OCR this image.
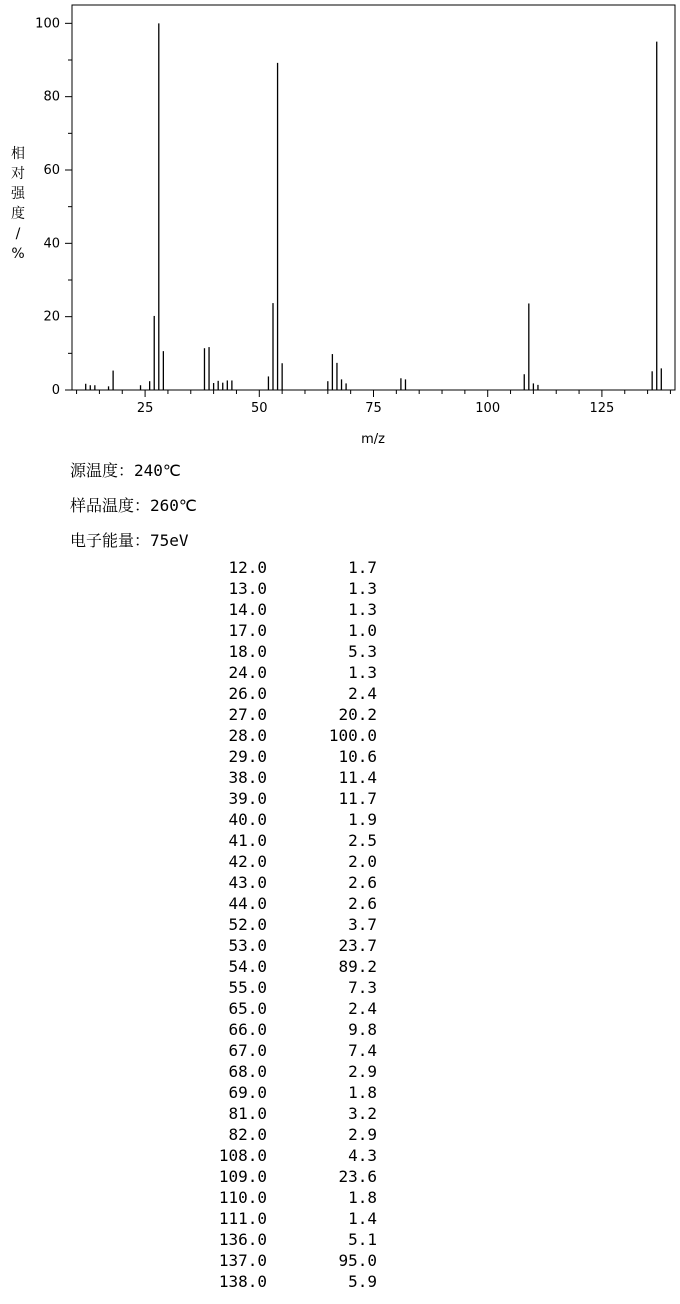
0
20
40
60
80
100
25	50	75	100	125
m/z
相对强度/ %
源温度：240℃
样品温度：260℃
电子能量：75eV
12.0	1.7
13.0	1.3
14.0	1.3
17.0	1.0
18.0	5.3
24.0	1.3
26.0	2.4
27.0	20.2
28.0	100.0
29.0	10.6
38.0	11.4
39.0	11.7
40.0	1.9
41.0	2.5
42.0	2.0
43.0	2.6
44.0	2.6
52.0	3.7
53.0	23.7
54.0	89.2
55.0	7.3
65.0	2.4
66.0	9.8
67.0	7.4
68.0	2.9
69.0	1.8
81.0	3.2
82.0	2.9
108.0	4.3
109.0	23.6
110.0	1.8
111.0	1.4
136.0	5.1
137.0	95.0
138.0	5.9
